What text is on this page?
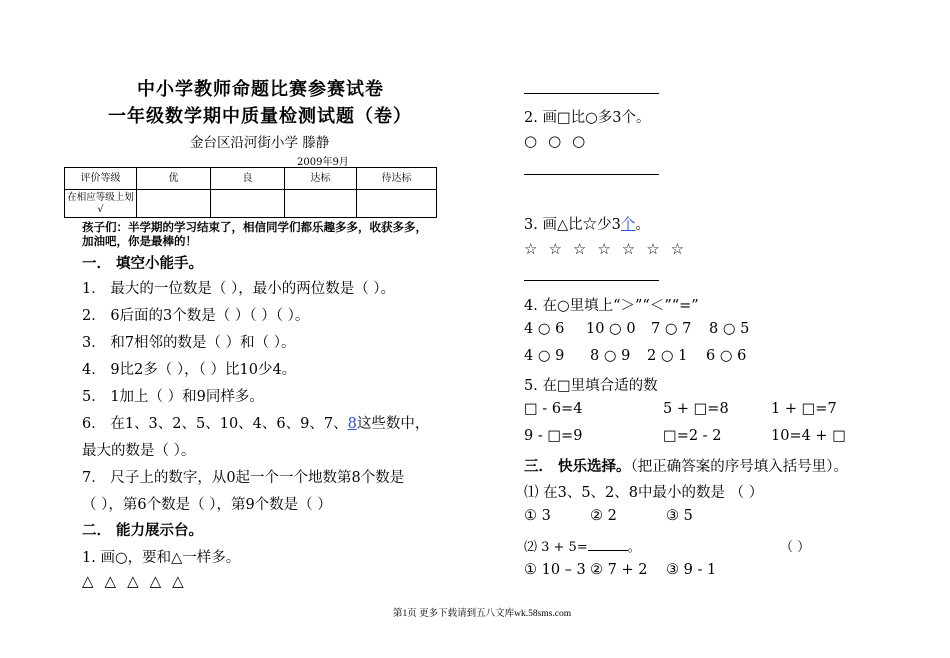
中小学教师命题比赛参赛试卷
一年级数学期中质量检测试题（卷）
金台区沿河街小学 滕静
2009年9月
评价等级	优	良	达标	待达标
在相应等级上划√				
孩子们：半学期的学习结束了，相信同学们都乐趣多多，收获多多，
加油吧，你是最棒的！
一． 填空小能手。
1． 最大的一位数是（ ），最小的两位数是（ ）。
2． 6后面的3个数是（ ）（ ）（ ）。
3． 和7相邻的数是（ ）和（ ）。
4． 9比2多（ ），（ ）比10少4。
5． 1加上（ ）和9同样多。
6． 在1、3、2、5、10、4、6、9、7、8这些数中，
最大的数是（ ）。
7． 尺子上的数字，从0起一个一个地数第8个数是
（ ），第6个数是（ ），第9个数是（ ）
二． 能力展示台。
1. 画○，要和△一样多。
△△△△△
2. 画□比○多3个。
○○○
3. 画△比☆少3个。
☆☆☆☆☆☆☆
4. 在○里填上“＞”“＜”“=”
4 ○ 6 10 ○ 0 7 ○ 7 8 ○ 5
4 ○ 9 8 ○ 9 2 ○ 1 6 ○ 6
5. 在□里填合适的数
□ - 6=4	5 + □=8	1 + □=7
9 - □=9	□=2 - 2	10=4 + □
三． 快乐选择。（把正确答案的序号填入括号里）。
⑴ 在3、5、2、8中最小的数是 （ ）
① 3	② 2	③ 5
⑵ 3 + 5=	。	（ ）
① 10 – 3 ② 7 + 2 ③ 9 - 1
第1页 更多下载请到五八文库wk.58sms.com
